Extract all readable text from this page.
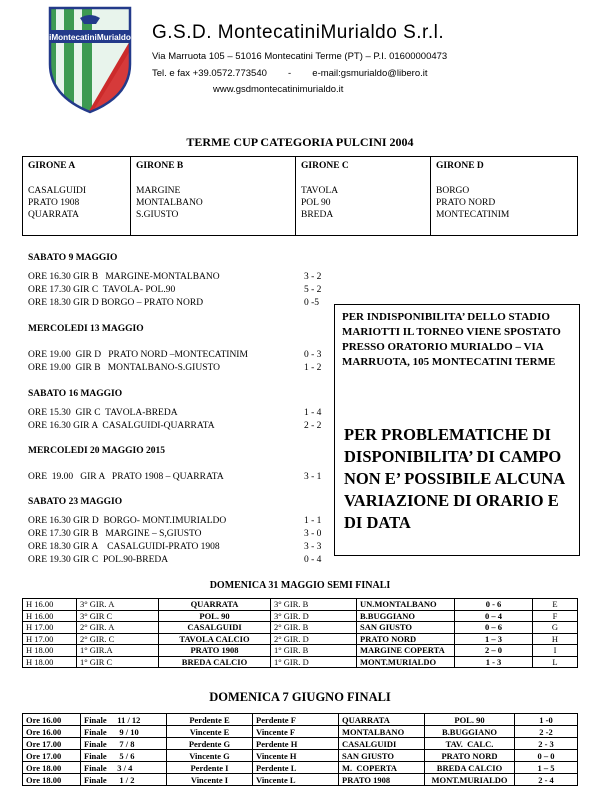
iMontecatiniMurialdo G.S.D. MontecatiniMurialdo S.r.l.
Via Marruota 105 – 51016 Montecatini Terme (PT) – P.I. 01600000473
Tel. e fax +39.0572.773540        -        e-mail:gsmurialdo@libero.it
www.gsdmontecatinimurialdo.it
TERME CUP CATEGORIA PULCINI 2004
GIRONE A
CASALGUIDI
PRATO 1908
QUARRATA

GIRONE B
MARGINE
MONTALBANO
S.GIUSTO

GIRONE C
TAVOLA
POL 90
BREDA

GIRONE D
BORGO
PRATO NORD
MONTECATINIM
SABATO 9 MAGGIO
ORE 16.30 GIR B   MARGINE-MONTALBANO	3 - 2
ORE 17.30 GIR C  TAVOLA- POL.90	5 - 2
ORE 18.30 GIR D BORGO – PRATO NORD	0 -5
MERCOLEDI 13 MAGGIO
ORE 19.00  GIR D   PRATO NORD –MONTECATINIM	0 - 3
ORE 19.00  GIR B   MONTALBANO-S.GIUSTO	1 - 2
SABATO 16 MAGGIO
ORE 15.30  GIR C  TAVOLA-BREDA	1 - 4
ORE 16.30 GIR A  CASALGUIDI-QUARRATA	2 - 2
MERCOLEDI 20 MAGGIO 2015
ORE  19.00   GIR A   PRATO 1908 – QUARRATA	3 - 1
SABATO 23 MAGGIO
ORE 16.30 GIR D  BORGO- MONT.IMURIALDO	1 - 1
ORE 17.30 GIR B   MARGINE – S,GIUSTO	3 - 0
ORE 18.30 GIR A    CASALGUIDI-PRATO 1908	3 - 3
ORE 19.30 GIR C  POL.90-BREDA	0 - 4
PER INDISPONIBILITA’ DELLO STADIO MARIOTTI IL TORNEO VIENE SPOSTATO PRESSO ORATORIO MURIALDO – VIA MARRUOTA, 105 MONTECATINI TERME
PER PROBLEMATICHE DI DISPONIBILITA’ DI CAMPO NON E’ POSSIBILE ALCUNA VARIAZIONE DI ORARIO E DI DATA
DOMENICA 31 MAGGIO SEMI FINALI
H 16.00	3° GIR. A	QUARRATA	3° GIR. B	UN.MONTALBANO	0 - 6	E
H 16.00	3° GIR C	POL. 90	3° GIR. D	B.BUGGIANO	0 – 4	F
H 17.00	2° GIR. A	CASALGUIDI	2° GIR. B	SAN GIUSTO	0 – 6	G
H 17.00	2° GIR. C	TAVOLA CALCIO	2° GIR. D	PRATO NORD	1 – 3	H
H 18.00	1° GIR.A	PRATO 1908	1° GIR. B	MARGINE COPERTA	2 – 0	I
H 18.00	1° GIR C	BREDA CALCIO	1° GIR. D	MONT.MURIALDO	1 - 3	L
DOMENICA 7 GIUGNO FINALI
Ore 16.00	Finale     11 / 12	Perdente E	Perdente F	QUARRATA	POL. 90	1 -0
Ore 16.00	Finale      9 / 10	Vincente E	Vincente F	MONTALBANO	B.BUGGIANO	2 -2
Ore 17.00	Finale      7 / 8	Perdente G	Perdente H	CASALGUIDI	TAV.  CALC.	2 - 3
Ore 17.00	Finale      5 / 6	Vincente G	Vincente H	SAN GIUSTO	PRATO NORD	0 – 0
Ore 18.00	Finale     3 / 4	Perdente I	Perdente L	M.  COPERTA	BREDA CALCIO	1 – 5
Ore 18.00	Finale      1 / 2	Vincente I	Vincente L	PRATO 1908	MONT.MURIALDO	2 - 4
